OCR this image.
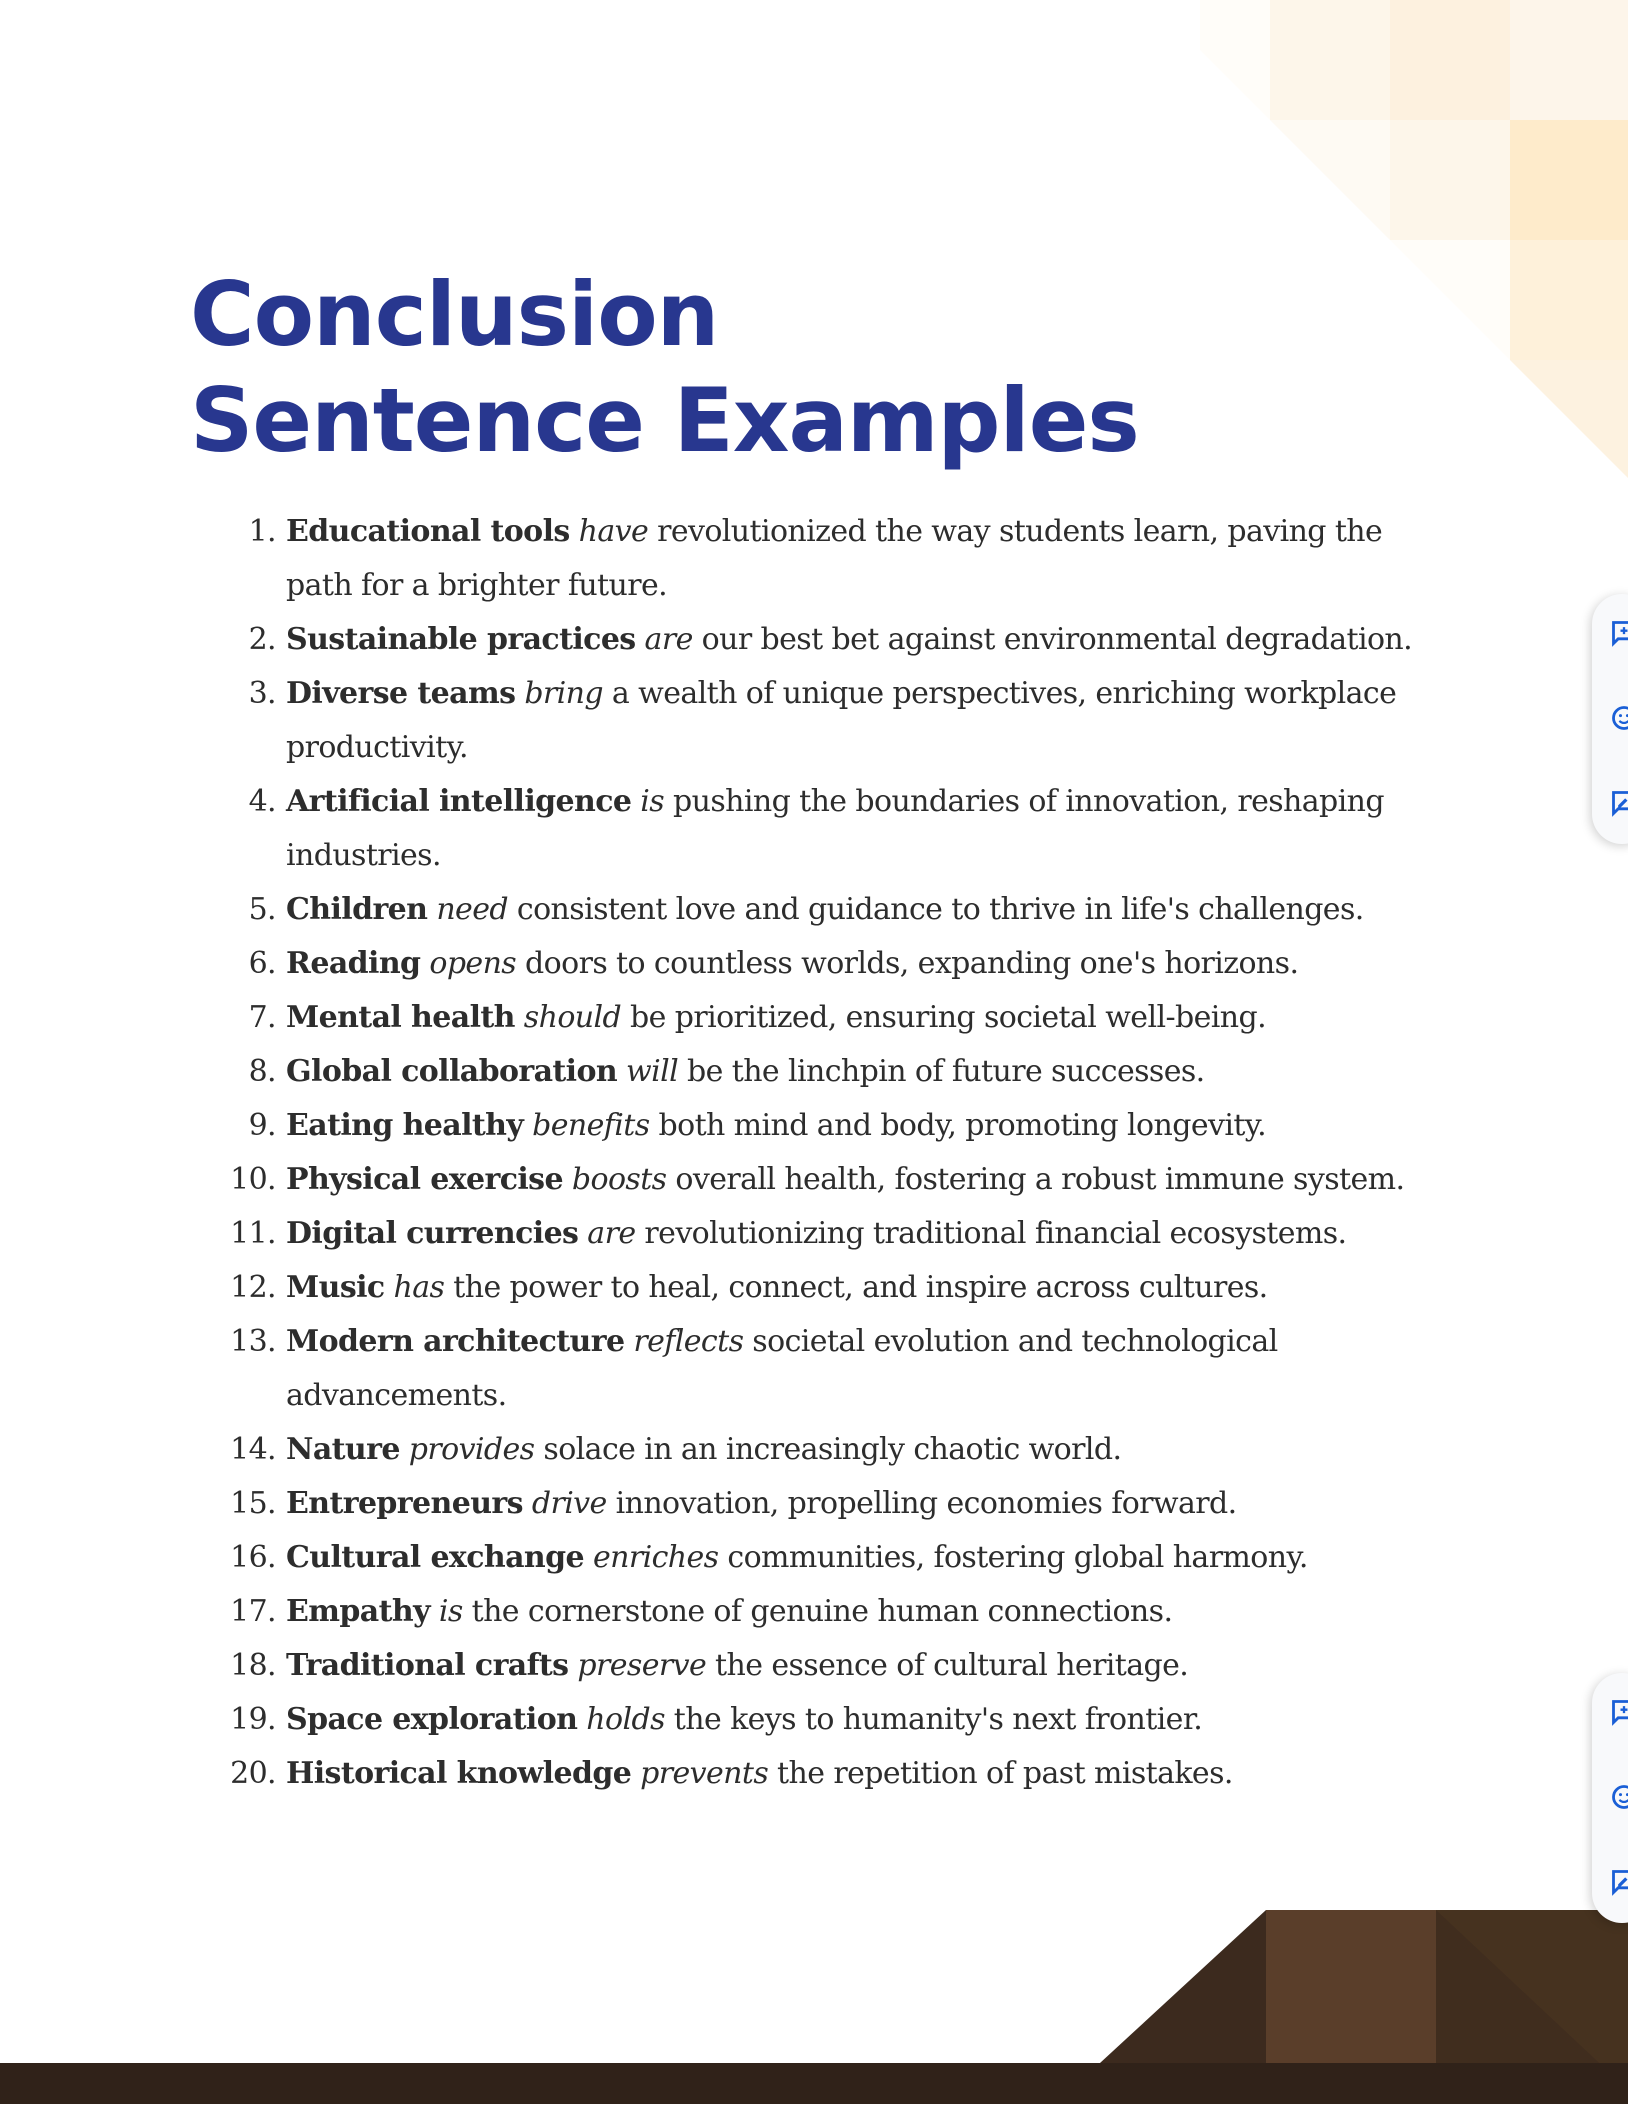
Conclusion
Sentence Examples
1. Educational tools have revolutionized the way students learn, paving the path for a brighter future.
2. Sustainable practices are our best bet against environmental degradation.
3. Diverse teams bring a wealth of unique perspectives, enriching workplace productivity.
4. Artificial intelligence is pushing the boundaries of innovation, reshaping industries.
5. Children need consistent love and guidance to thrive in life's challenges.
6. Reading opens doors to countless worlds, expanding one's horizons.
7. Mental health should be prioritized, ensuring societal well-being.
8. Global collaboration will be the linchpin of future successes.
9. Eating healthy benefits both mind and body, promoting longevity.
10. Physical exercise boosts overall health, fostering a robust immune system.
11. Digital currencies are revolutionizing traditional financial ecosystems.
12. Music has the power to heal, connect, and inspire across cultures.
13. Modern architecture reflects societal evolution and technological advancements.
14. Nature provides solace in an increasingly chaotic world.
15. Entrepreneurs drive innovation, propelling economies forward.
16. Cultural exchange enriches communities, fostering global harmony.
17. Empathy is the cornerstone of genuine human connections.
18. Traditional crafts preserve the essence of cultural heritage.
19. Space exploration holds the keys to humanity's next frontier.
20. Historical knowledge prevents the repetition of past mistakes.
